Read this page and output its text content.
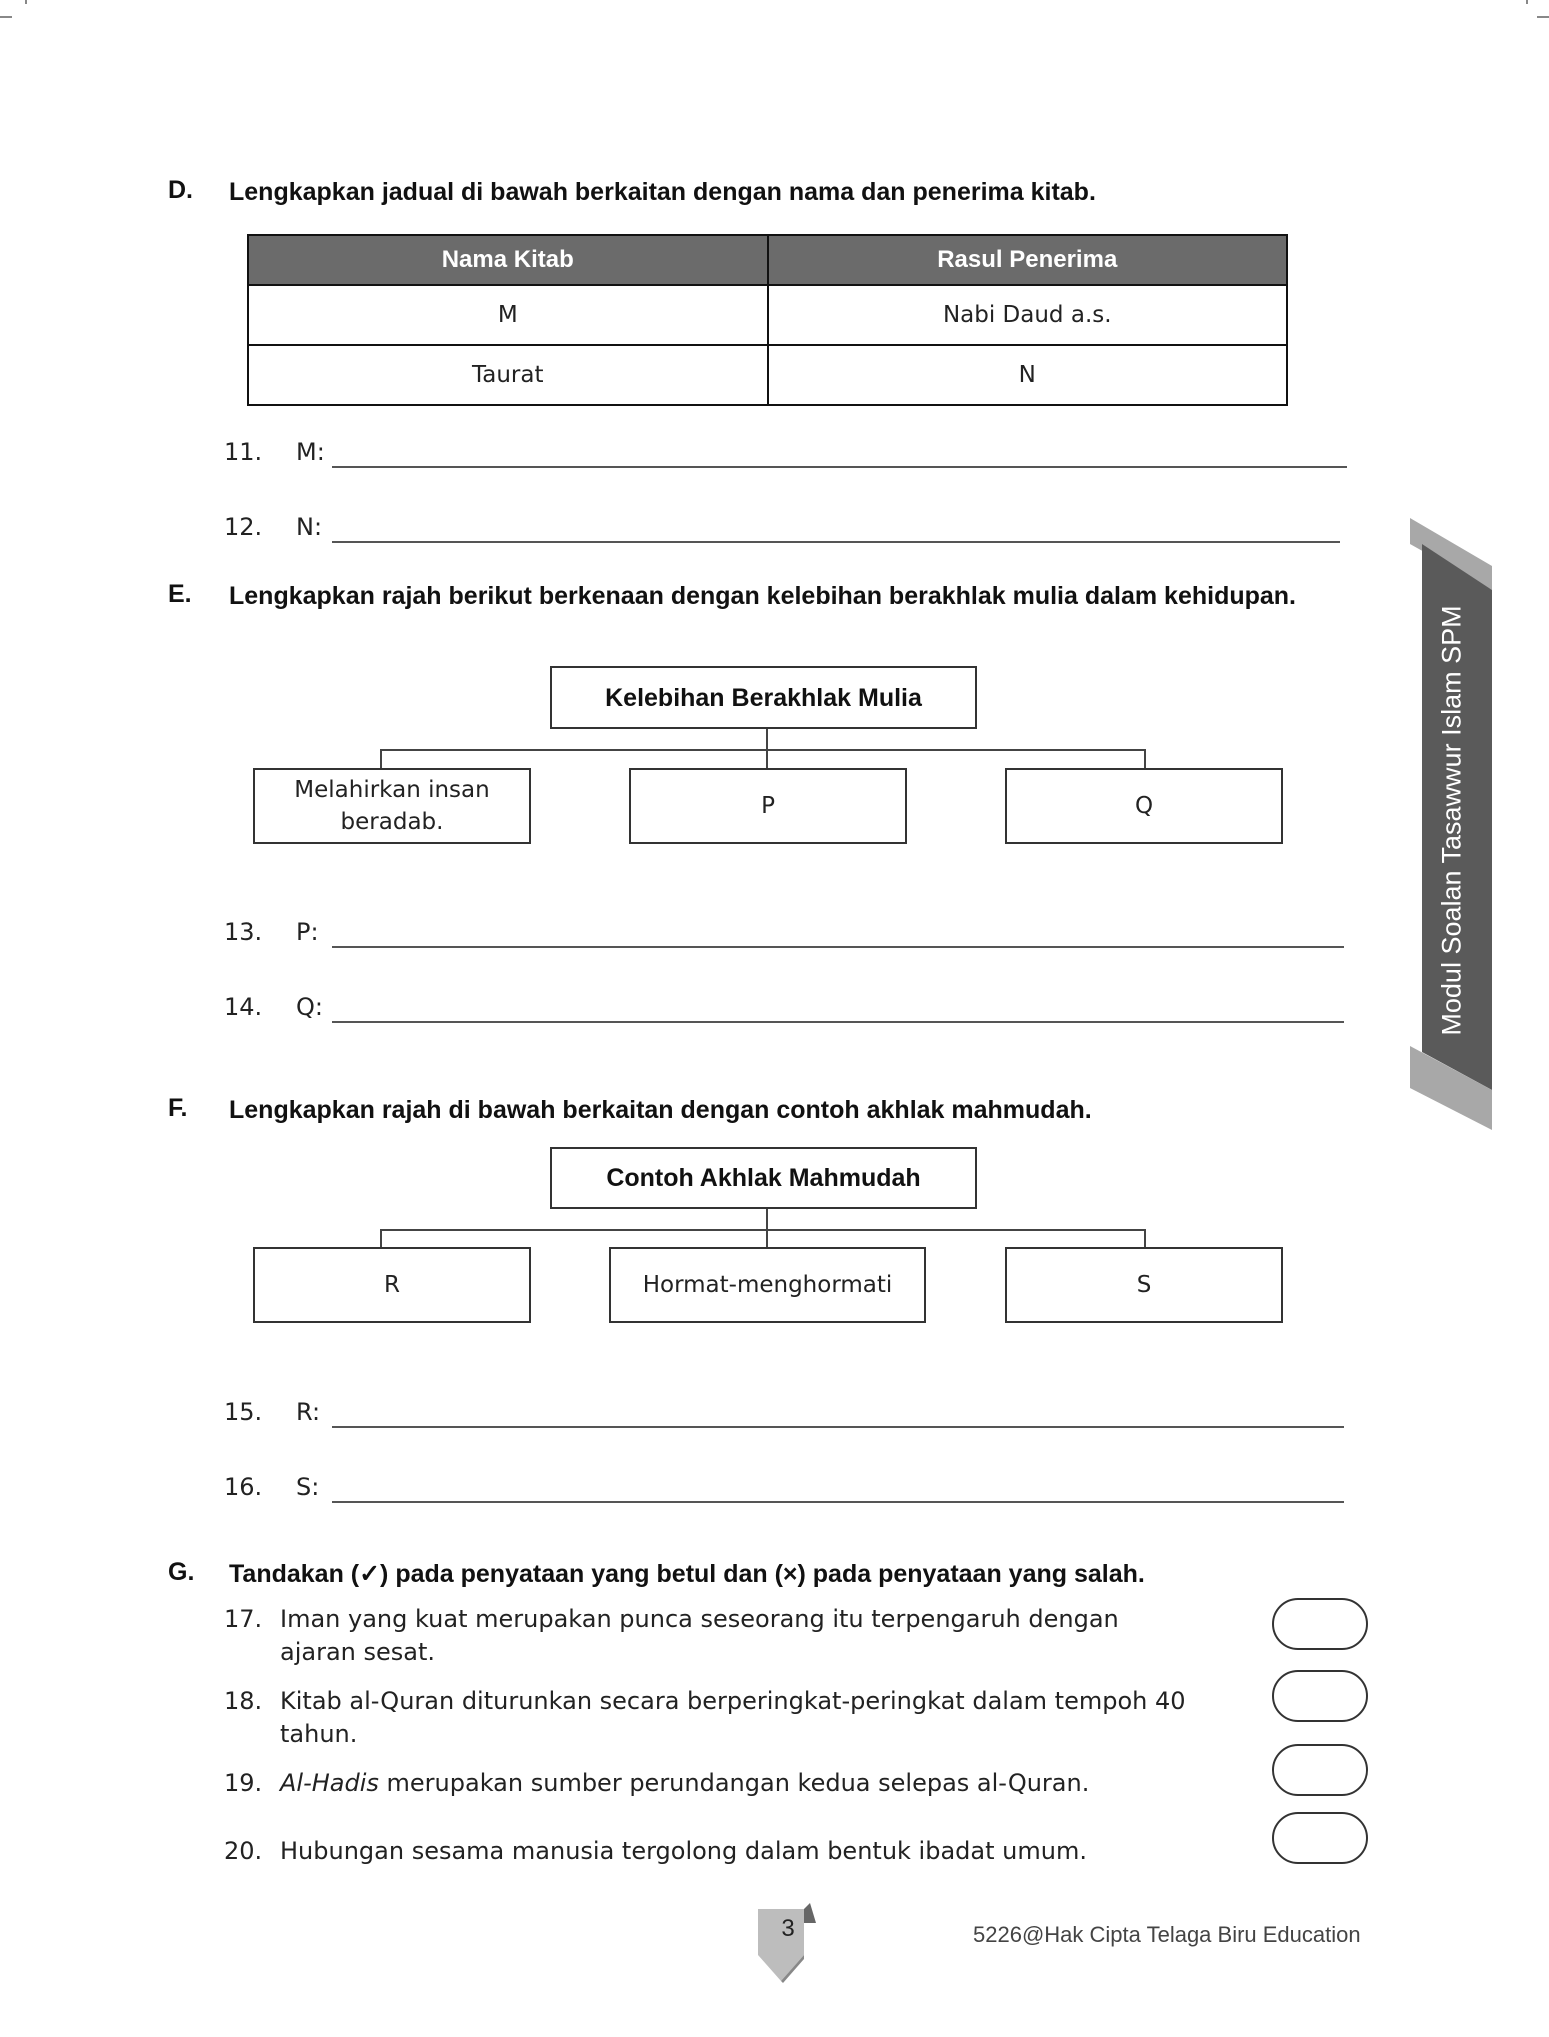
D. Lengkapkan jadual di bawah berkaitan dengan nama dan penerima kitab.
Nama Kitab	Rasul Penerima
M	Nabi Daud a.s.
Taurat	N
11. M:
12. N:
E. Lengkapkan rajah berikut berkenaan dengan kelebihan berakhlak mulia dalam kehidupan.
Kelebihan Berakhlak Mulia
Melahirkan insan beradab.
P	Q
13. P:
14. Q:
F. Lengkapkan rajah di bawah berkaitan dengan contoh akhlak mahmudah.
Contoh Akhlak Mahmudah
R	Hormat-menghormati	S
15. R:
16. S:
G. Tandakan (✓) pada penyataan yang betul dan (×) pada penyataan yang salah.
17. Iman yang kuat merupakan punca seseorang itu terpengaruh dengan ajaran sesat.
18. Kitab al-Quran diturunkan secara berperingkat-peringkat dalam tempoh 40 tahun.
19. Al-Hadis merupakan sumber perundangan kedua selepas al-Quran.
20. Hubungan sesama manusia tergolong dalam bentuk ibadat umum.
Modul Soalan Tasawwur Islam SPM
3	5226@Hak Cipta Telaga Biru Education
